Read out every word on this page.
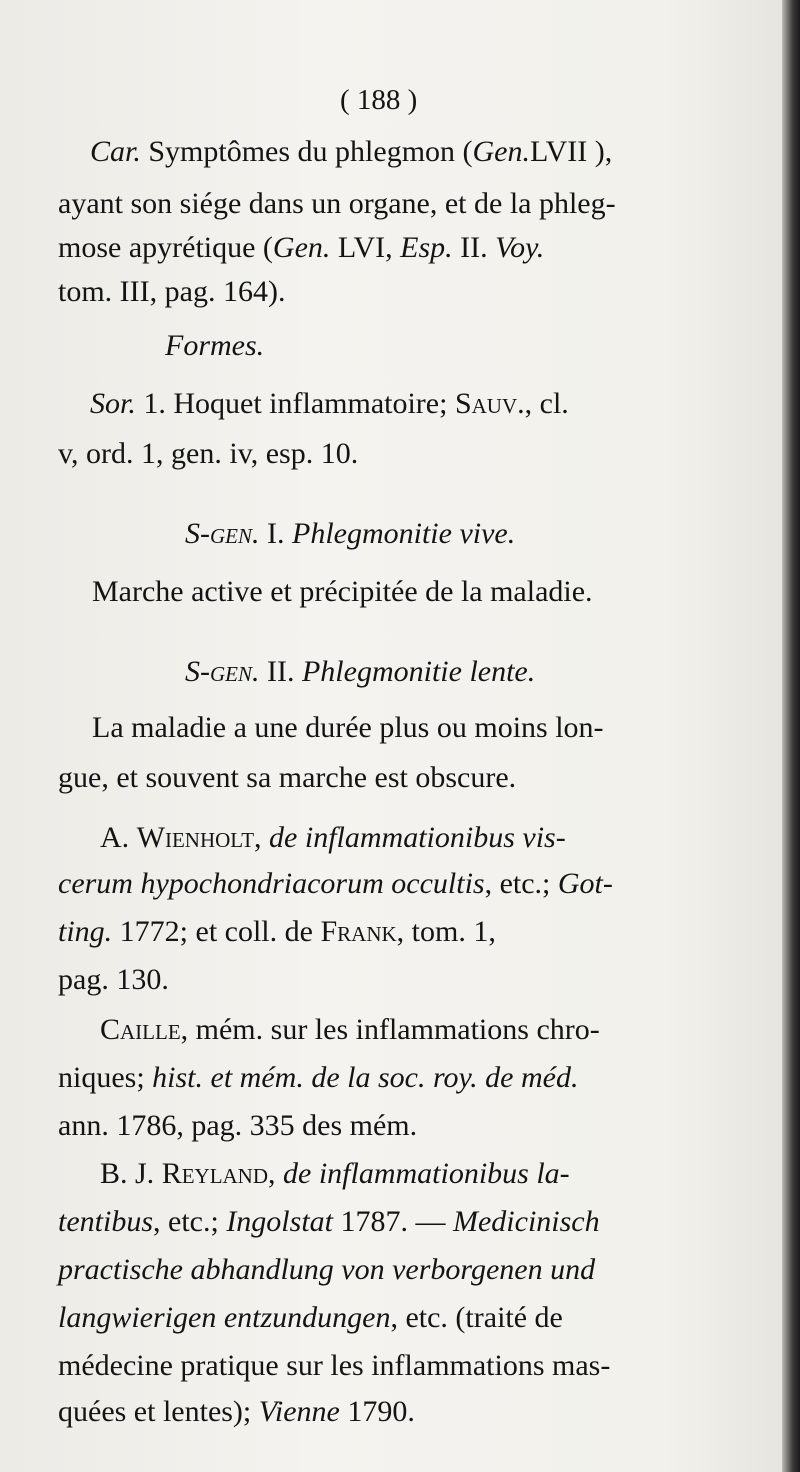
( 188 )
Car. Symptômes du phlegmon (Gen.LVII ),
ayant son siége dans un organe, et de la phleg-
mose apyrétique (Gen. LVI, Esp. II. Voy.
tom. III, pag. 164).
Formes.
Sor. 1. Hoquet inflammatoire; Sauv., cl.
v, ord. 1, gen. iv, esp. 10.
S-gen. I. Phlegmonitie vive.
Marche active et précipitée de la maladie.
S-gen. II. Phlegmonitie lente.
La maladie a une durée plus ou moins lon-
gue, et souvent sa marche est obscure.
A. Wienholt, de inflammationibus vis-
cerum hypochondriacorum occultis, etc.; Got-
ting. 1772; et coll. de Frank, tom. 1,
pag. 130.
Caille, mém. sur les inflammations chro-
niques; hist. et mém. de la soc. roy. de méd.
ann. 1786, pag. 335 des mém.
B. J. Reyland, de inflammationibus la-
tentibus, etc.; Ingolstat 1787. — Medicinisch
practische abhandlung von verborgenen und
langwierigen entzundungen, etc. (traité de
médecine pratique sur les inflammations mas-
quées et lentes); Vienne 1790.
